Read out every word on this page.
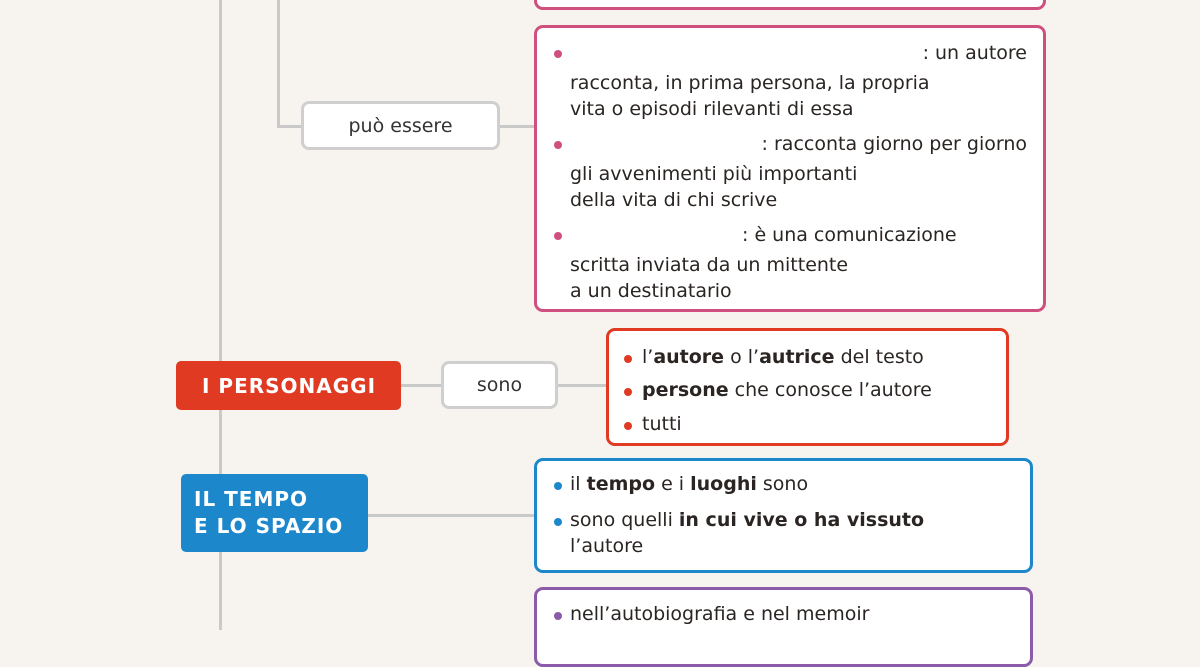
può essere
: un autore
racconta, in prima persona, la propria
vita o episodi rilevanti di essa
: racconta giorno per giorno
gli avvenimenti più importanti
della vita di chi scrive
: è una comunicazione
scritta inviata da un mittente
a un destinatario
I PERSONAGGI	sono
l’autore o l’autrice del testo
persone che conosce l’autore
tutti
IL TEMPO
E LO SPAZIO
il tempo e i luoghi sono
sono quelli in cui vive o ha vissuto
l’autore
nell’autobiografia e nel memoir
